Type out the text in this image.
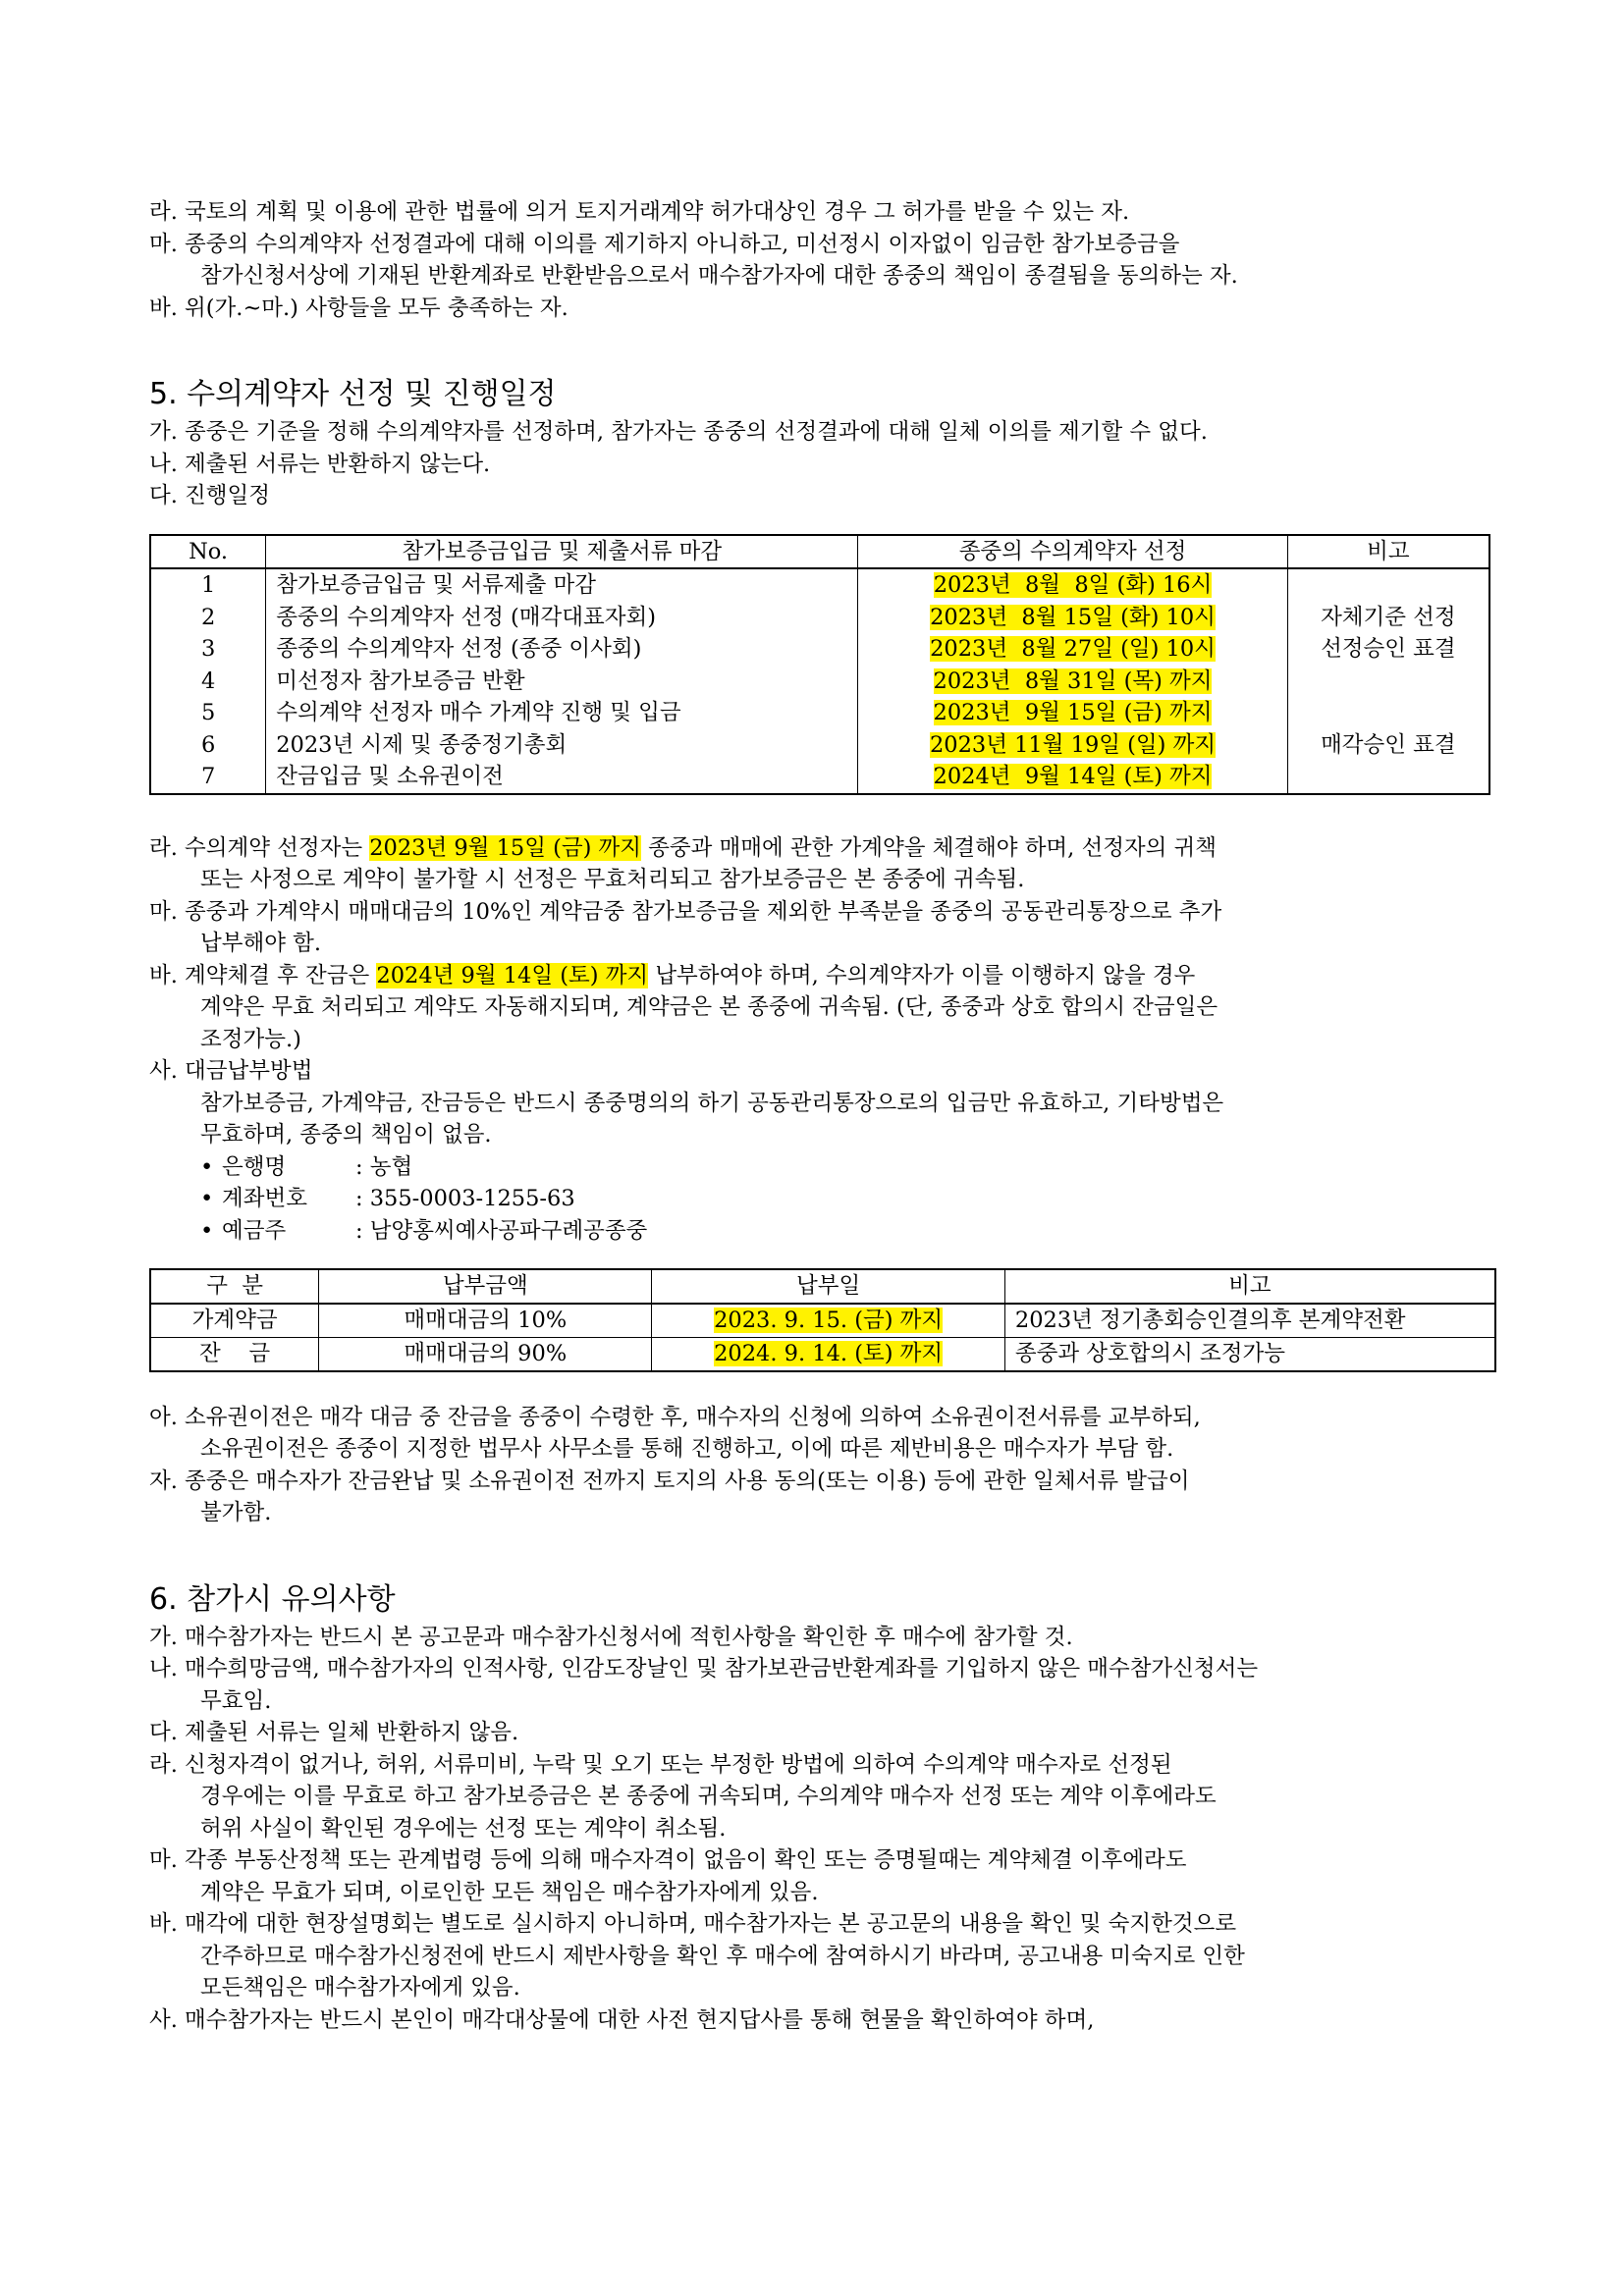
라. 국토의 계획 및 이용에 관한 법률에 의거 토지거래계약 허가대상인 경우 그 허가를 받을 수 있는 자.

마. 종중의 수의계약자 선정결과에 대해 이의를 제기하지 아니하고, 미선정시 이자없이 임금한 참가보증금을

참가신청서상에 기재된 반환계좌로 반환받음으로서 매수참가자에 대한 종중의 책임이 종결됨을 동의하는 자.

바. 위(가.~마.) 사항들을 모두 충족하는 자.

5. 수의계약자 선정 및 진행일정

가. 종중은 기준을 정해 수의계약자를 선정하며, 참가자는 종중의 선정결과에 대해 일체 이의를 제기할 수 없다.

나. 제출된 서류는 반환하지 않는다.

다. 진행일정

No.	참가보증금입금 및 제출서류 마감	종중의 수의계약자 선정	비고
1	참가보증금입금 및 서류제출 마감	2023년  8월  8일 (화) 16시	
2	종중의 수의계약자 선정 (매각대표자회)	2023년  8월 15일 (화) 10시	자체기준 선정
3	종중의 수의계약자 선정 (종중 이사회)	2023년  8월 27일 (일) 10시	선정승인 표결
4	미선정자 참가보증금 반환	2023년  8월 31일 (목) 까지	
5	수의계약 선정자 매수 가계약 진행 및 입금	2023년  9월 15일 (금) 까지	
6	2023년 시제 및 종중정기총회	2023년 11월 19일 (일) 까지	매각승인 표결
7	잔금입금 및 소유권이전	2024년  9월 14일 (토) 까지	

라. 수의계약 선정자는 2023년 9월 15일 (금) 까지 종중과 매매에 관한 가계약을 체결해야 하며, 선정자의 귀책

또는 사정으로 계약이 불가할 시 선정은 무효처리되고 참가보증금은 본 종중에 귀속됨.

마. 종중과 가계약시 매매대금의 10%인 계약금중 참가보증금을 제외한 부족분을 종중의 공동관리통장으로 추가

납부해야 함.

바. 계약체결 후 잔금은 2024년 9월 14일 (토) 까지 납부하여야 하며, 수의계약자가 이를 이행하지 않을 경우

계약은 무효 처리되고 계약도 자동해지되며, 계약금은 본 종중에 귀속됨. (단, 종중과 상호 합의시 잔금일은

조정가능.)

사. 대금납부방법

참가보증금, 가계약금, 잔금등은 반드시 종중명의의 하기 공동관리통장으로의 입금만 유효하고, 기타방법은

무효하며, 종중의 책임이 없음.

• 은행명	: 농협

• 계좌번호 : 355-0003-1255-63

• 예금주	: 남양홍씨예사공파구례공종중

구  분	납부금액	납부일	비고
가계약금	매매대금의 10%	2023. 9. 15. (금) 까지	2023년 정기총회승인결의후 본계약전환
잔    금	매매대금의 90%	2024. 9. 14. (토) 까지	종중과 상호합의시 조정가능

아. 소유권이전은 매각 대금 중 잔금을 종중이 수령한 후, 매수자의 신청에 의하여 소유권이전서류를 교부하되,

소유권이전은 종중이 지정한 법무사 사무소를 통해 진행하고, 이에 따른 제반비용은 매수자가 부담 함.

자. 종중은 매수자가 잔금완납 및 소유권이전 전까지 토지의 사용 동의(또는 이용) 등에 관한 일체서류 발급이

불가함.

6. 참가시 유의사항

가. 매수참가자는 반드시 본 공고문과 매수참가신청서에 적힌사항을 확인한 후 매수에 참가할 것.

나. 매수희망금액, 매수참가자의 인적사항, 인감도장날인 및 참가보관금반환계좌를 기입하지 않은 매수참가신청서는

무효임.

다. 제출된 서류는 일체 반환하지 않음.

라. 신청자격이 없거나, 허위, 서류미비, 누락 및 오기 또는 부정한 방법에 의하여 수의계약 매수자로 선정된

경우에는 이를 무효로 하고 참가보증금은 본 종중에 귀속되며, 수의계약 매수자 선정 또는 계약 이후에라도

허위 사실이 확인된 경우에는 선정 또는 계약이 취소됨.

마. 각종 부동산정책 또는 관계법령 등에 의해 매수자격이 없음이 확인 또는 증명될때는 계약체결 이후에라도

계약은 무효가 되며, 이로인한 모든 책임은 매수참가자에게 있음.

바. 매각에 대한 현장설명회는 별도로 실시하지 아니하며, 매수참가자는 본 공고문의 내용을 확인 및 숙지한것으로

간주하므로 매수참가신청전에 반드시 제반사항을 확인 후 매수에 참여하시기 바라며, 공고내용 미숙지로 인한

모든책임은 매수참가자에게 있음.

사. 매수참가자는 반드시 본인이 매각대상물에 대한 사전 현지답사를 통해 현물을 확인하여야 하며,
